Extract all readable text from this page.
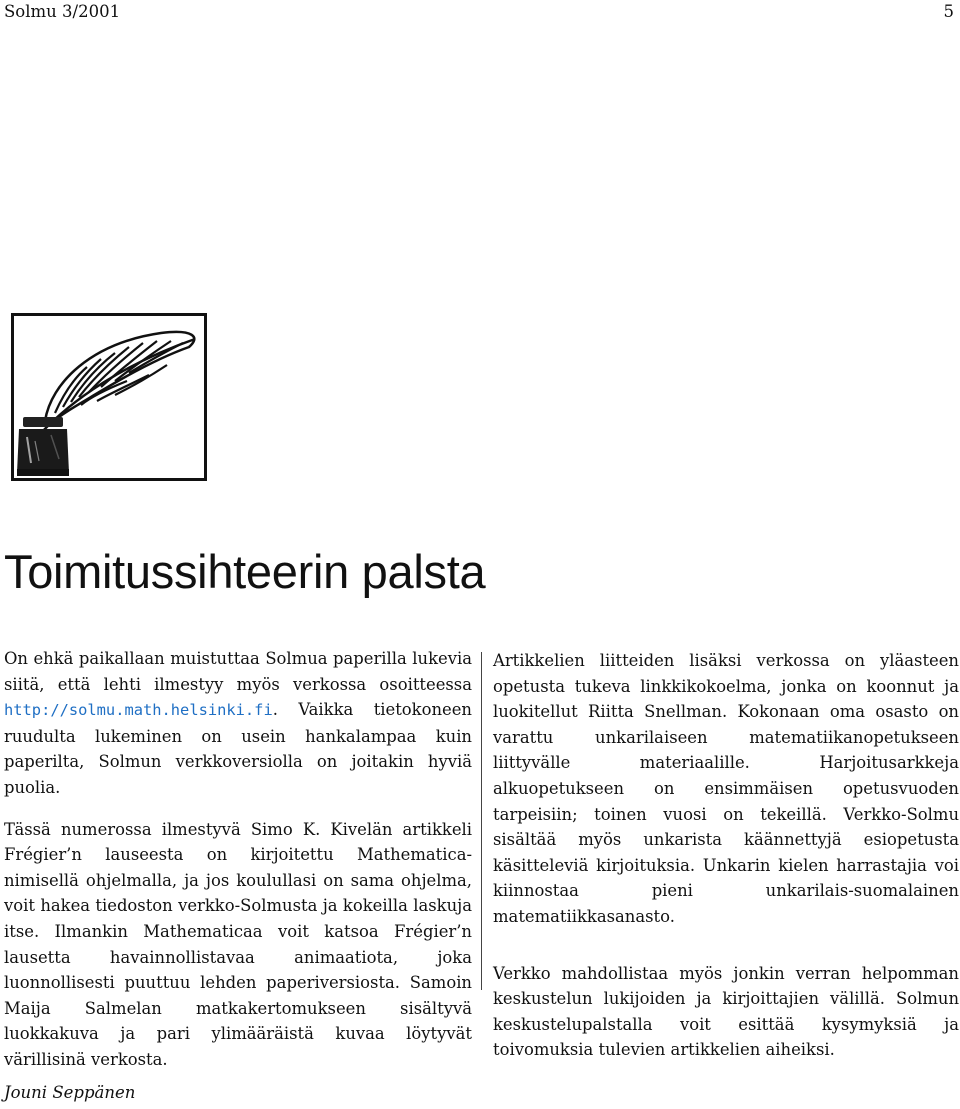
Solmu 3/2001	5
Toimitussihteerin palsta

On ehkä paikallaan muistuttaa Solmua paperilla lukevia siitä, että lehti ilmestyy myös verkossa osoitteessa http://solmu.math.helsinki.fi. Vaikka tietokoneen ruudulta lukeminen on usein hankalampaa kuin paperilta, Solmun verkkoversiolla on joitakin hyviä puolia.

Tässä numerossa ilmestyvä Simo K. Kivelän artikkeli Frégier’n lauseesta on kirjoitettu Mathematica-nimisellä ohjelmalla, ja jos koulullasi on sama ohjelma, voit hakea tiedoston verkko-Solmusta ja kokeilla laskuja itse. Ilmankin Mathematicaa voit katsoa Frégier’n lausetta havainnollistavaa animaatiota, joka luonnollisesti puuttuu lehden paperiversiosta. Samoin Maija Salmelan matkakertomukseen sisältyvä luokkakuva ja pari ylimääräistä kuvaa löytyvät värillisinä verkosta.

Artikkelien liitteiden lisäksi verkossa on yläasteen opetusta tukeva linkkikokoelma, jonka on koonnut ja luokitellut Riitta Snellman. Kokonaan oma osasto on varattu unkarilaiseen matematiikanopetukseen liittyvälle materiaalille. Harjoitusarkkeja alkuopetukseen on ensimmäisen opetusvuoden tarpeisiin; toinen vuosi on tekeillä. Verkko-Solmu sisältää myös unkarista käännettyjä esiopetusta käsitteleviä kirjoituksia. Unkarin kielen harrastajia voi kiinnostaa pieni unkarilais-suomalainen matematiikkasanasto.

Verkko mahdollistaa myös jonkin verran helpomman keskustelun lukijoiden ja kirjoittajien välillä. Solmun keskustelupalstalla voit esittää kysymyksiä ja toivomuksia tulevien artikkelien aiheiksi.

Jouni Seppänen
